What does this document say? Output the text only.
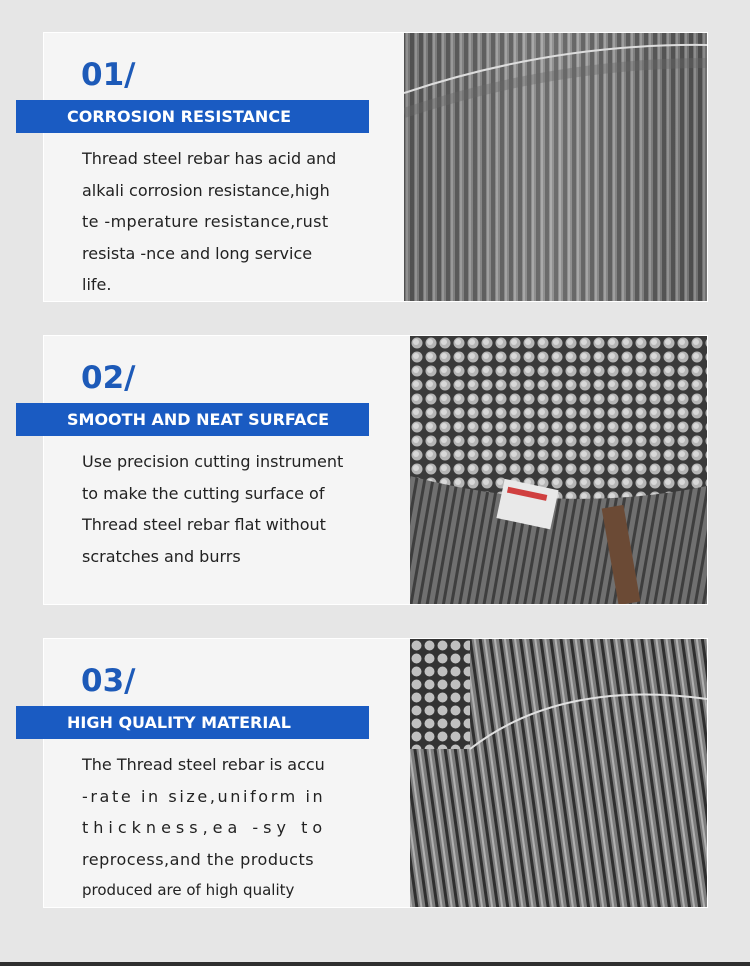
01/
Thread steel rebar has acid and
alkali corrosion resistance,high
te -mperature resistance,rust
resista -nce and long service
life.
CORROSION RESISTANCE
02/
Use precision cutting instrument
to make the cutting surface of
Thread steel rebar flat without
scratches and burrs
SMOOTH AND NEAT SURFACE
03/
The Thread steel rebar is accu
-rate in size,uniform in
thickness,ea -sy to
reprocess,and the products
produced are of high quality
HIGH QUALITY MATERIAL
